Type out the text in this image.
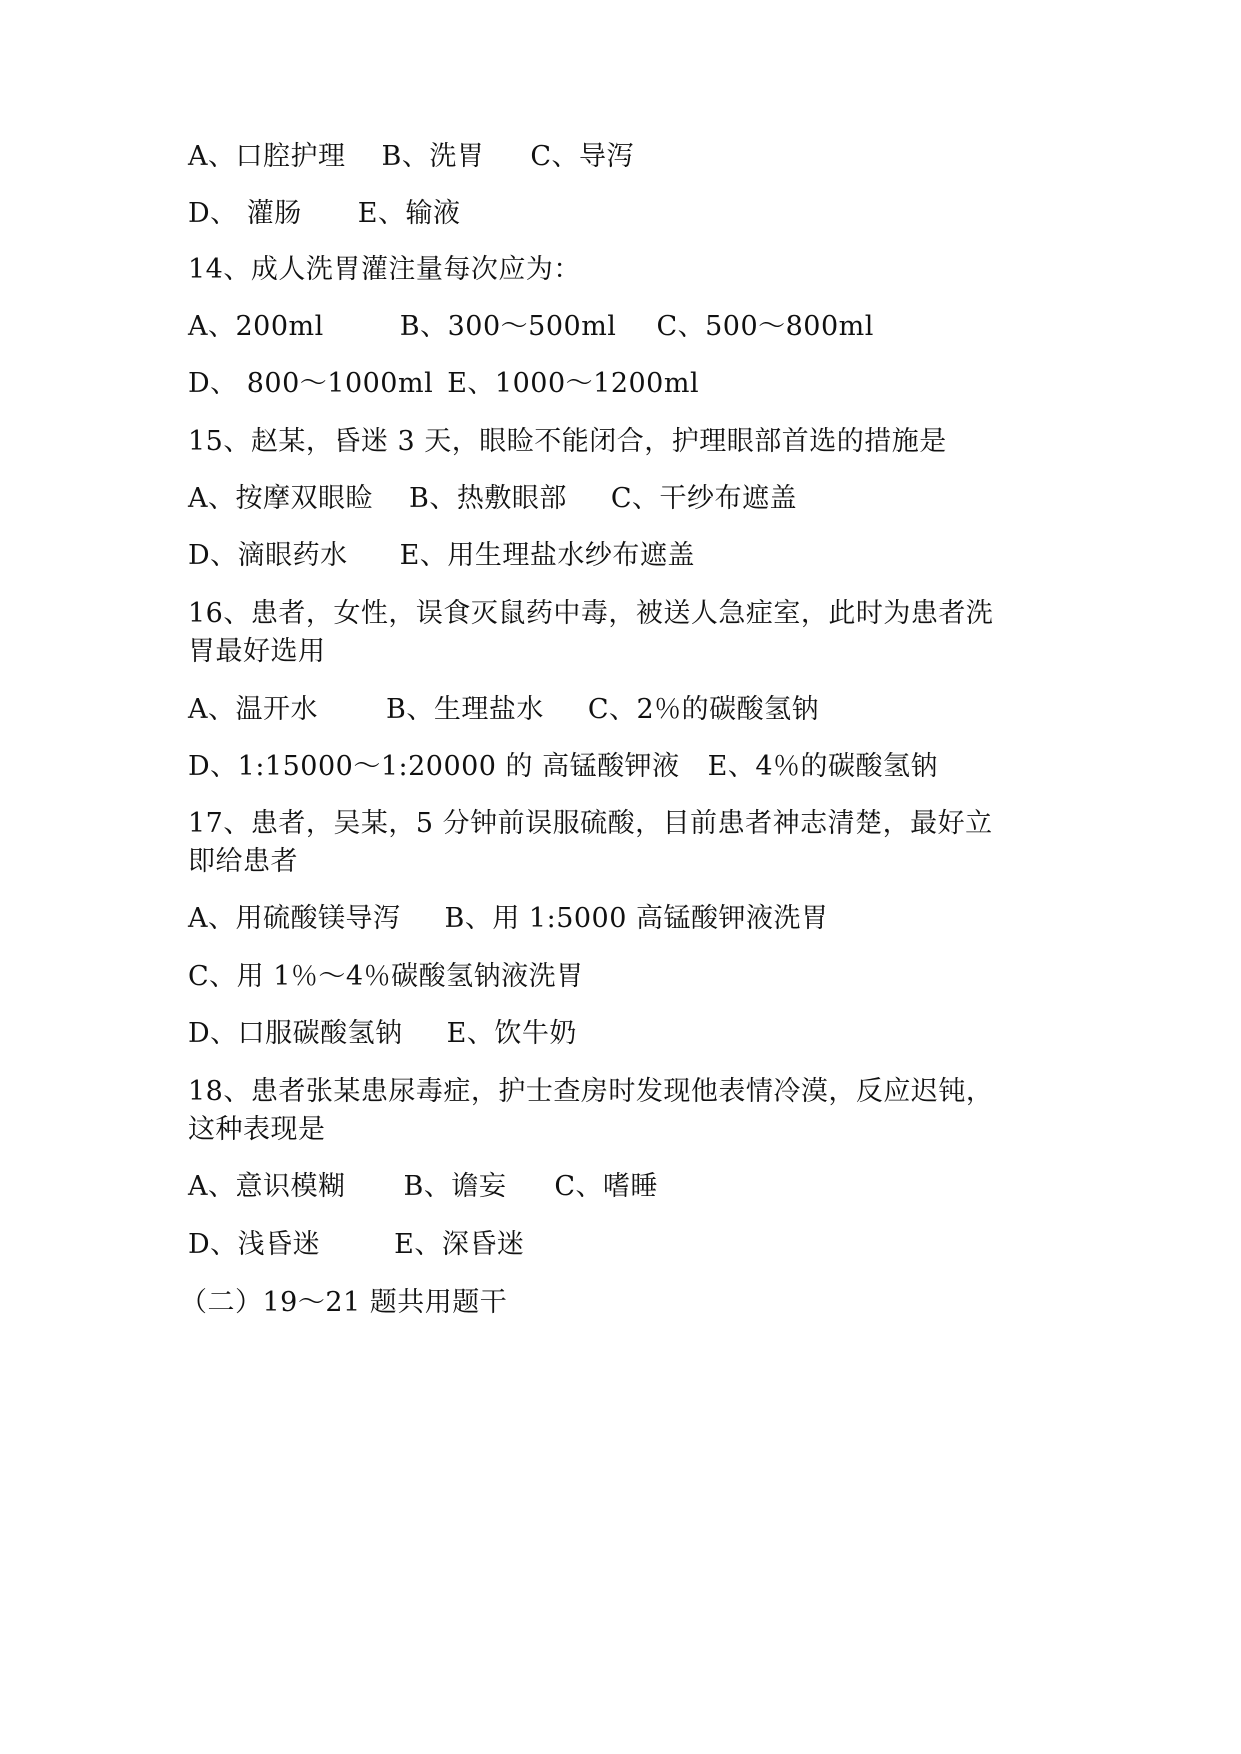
A、口腔护理 B、洗胃 C、导泻
D、 灌肠 E、输液
14、成人洗胃灌注量每次应为：
A、200ml	B、300～500ml C、500～800ml
D、 800～1000ml E、1000～1200ml
15、赵某，昏迷 3 天，眼睑不能闭合，护理眼部首选的措施是
A、按摩双眼睑 B、热敷眼部 C、干纱布遮盖
D、滴眼药水 E、用生理盐水纱布遮盖
16、患者，女性，误食灭鼠药中毒，被送人急症室，此时为患者洗
胃最好选用
A、温开水	B、生理盐水 C、2％的碳酸氢钠
D、1:15000～1:20000 的 高锰酸钾液 E、4％的碳酸氢钠
17、患者，吴某，5 分钟前误服硫酸，目前患者神志清楚，最好立
即给患者
A、用硫酸镁导泻 B、用 1:5000 高锰酸钾液洗胃
C、用 1％～4％碳酸氢钠液洗胃
D、口服碳酸氢钠 E、饮牛奶
18、患者张某患尿毒症，护士查房时发现他表情冷漠，反应迟钝，
这种表现是
A、意识模糊 B、谵妄 C、嗜睡
D、浅昏迷	E、深昏迷
（二）19～21 题共用题干
